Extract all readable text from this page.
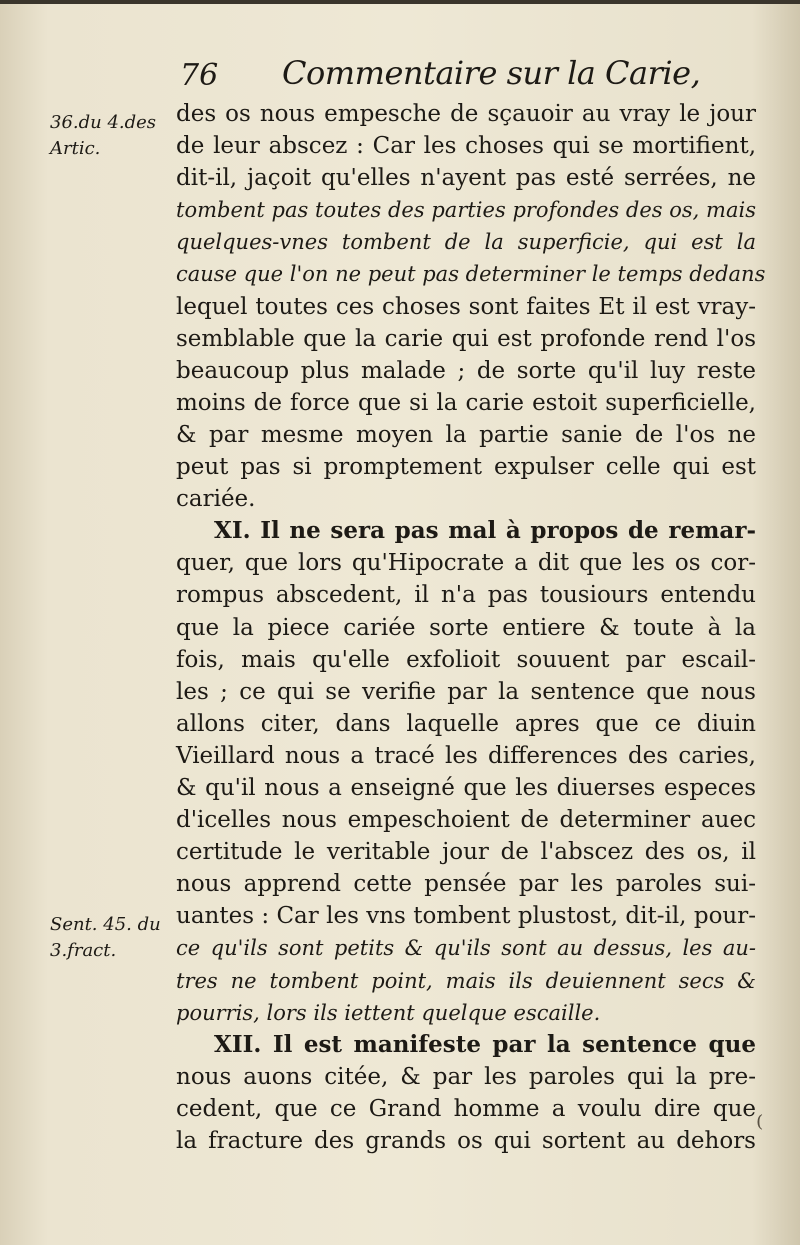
76 Commentaire sur la Carie,
36.du 4.des
Artic.
Sent. 45. du
3.fract.
des os nous empesche de sçauoir au vray le jour
de leur abscez : Car les choses qui se mortifient,
dit-il, jaçoit qu'elles n'ayent pas esté serrées, ne
tombent pas toutes des parties profondes des os, mais
quelques-vnes tombent de la superficie, qui est la
cause que l'on ne peut pas determiner le temps dedans
lequel toutes ces choses sont faites Et il est vray-
semblable que la carie qui est profonde rend l'os
beaucoup plus malade ; de sorte qu'il luy reste
moins de force que si la carie estoit superficielle,
& par mesme moyen la partie sanie de l'os ne
peut pas si promptement expulser celle qui est
cariée.
XI. Il ne sera pas mal à propos de remar-
quer, que lors qu'Hipocrate a dit que les os cor-
rompus abscedent, il n'a pas tousiours entendu
que la piece cariée sorte entiere & toute à la
fois, mais qu'elle exfolioit souuent par escail-
les ; ce qui se verifie par la sentence que nous
allons citer, dans laquelle apres que ce diuin
Vieillard nous a tracé les differences des caries,
& qu'il nous a enseigné que les diuerses especes
d'icelles nous empeschoient de determiner auec
certitude le veritable jour de l'abscez des os, il
nous apprend cette pensée par les paroles sui-
uantes : Car les vns tombent plustost, dit-il, pour-
ce qu'ils sont petits & qu'ils sont au dessus, les au-
tres ne tombent point, mais ils deuiennent secs &
pourris, lors ils iettent quelque escaille.
XII. Il est manifeste par la sentence que
nous auons citée, & par les paroles qui la pre-
cedent, que ce Grand homme a voulu dire que
la fracture des grands os qui sortent au dehors ⁽
